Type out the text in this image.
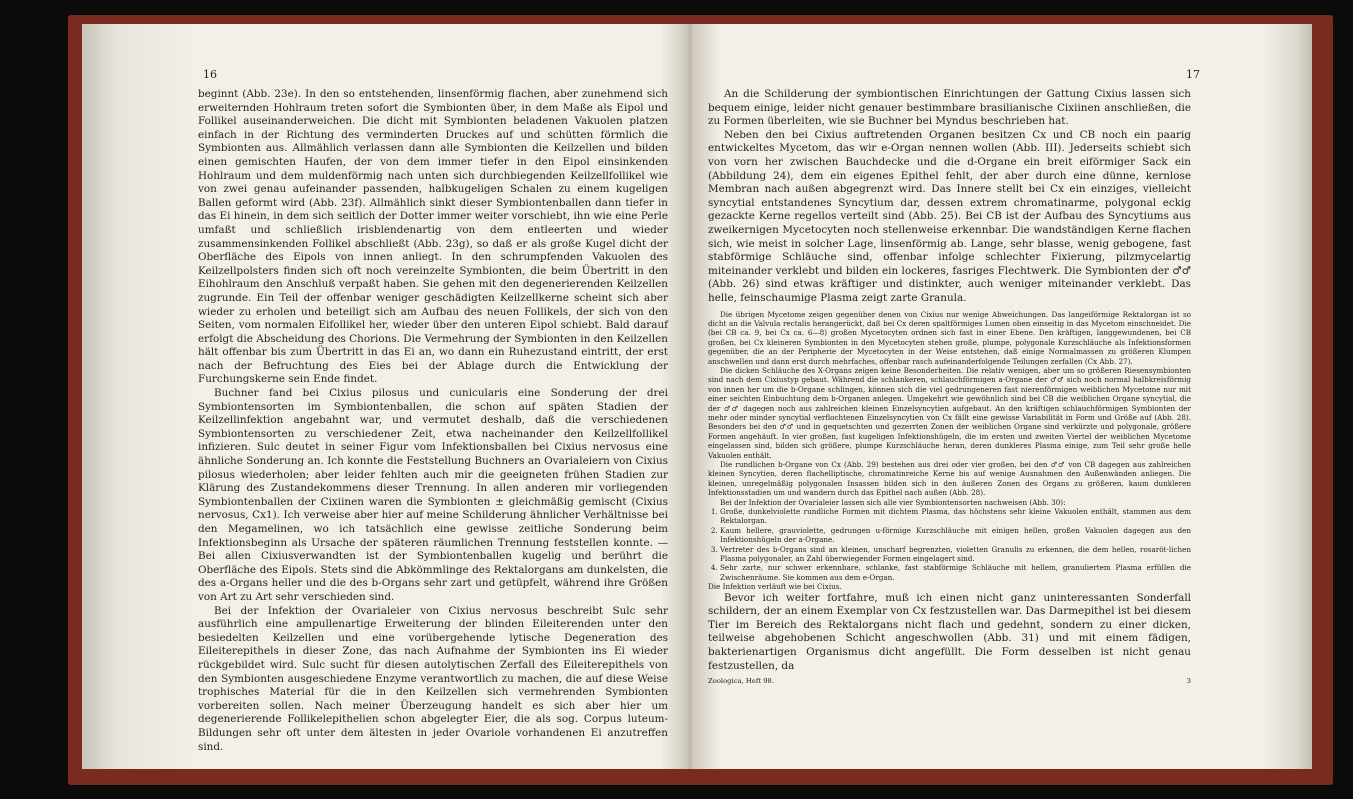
16	17

beginnt (Abb. 23e). In den so entstehenden, linsenförmig flachen, aber zunehmend sich erweiternden Hohlraum treten sofort die Symbionten über, in dem Maße als Eipol und Follikel auseinanderweichen. Die dicht mit Symbionten beladenen Vakuolen platzen einfach in der Richtung des verminderten Druckes auf und schütten förmlich die Symbionten aus. Allmählich verlassen dann alle Symbionten die Keilzellen und bilden einen gemischten Haufen, der von dem immer tiefer in den Eipol einsinkenden Hohlraum und dem muldenförmig nach unten sich durchbiegenden Keilzellfollikel wie von zwei genau aufeinander passenden, halbkugeligen Schalen zu einem kugeligen Ballen geformt wird (Abb. 23f). Allmählich sinkt dieser Symbiontenballen dann tiefer in das Ei hinein, in dem sich seitlich der Dotter immer weiter vorschiebt, ihn wie eine Perle umfaßt und schließlich irisblendenartig von dem entleerten und wieder zusammensinkenden Follikel abschließt (Abb. 23g), so daß er als große Kugel dicht der Oberfläche des Eipols von innen anliegt. In den schrumpfenden Vakuolen des Keilzellpolsters finden sich oft noch vereinzelte Symbionten, die beim Übertritt in den Eihohlraum den Anschluß verpaßt haben. Sie gehen mit den degenerierenden Keilzellen zugrunde. Ein Teil der offenbar weniger geschädigten Keilzellkerne scheint sich aber wieder zu erholen und beteiligt sich am Aufbau des neuen Follikels, der sich von den Seiten, vom normalen Eifollikel her, wieder über den unteren Eipol schiebt. Bald darauf erfolgt die Abscheidung des Chorions. Die Vermehrung der Symbionten in den Keilzellen hält offenbar bis zum Übertritt in das Ei an, wo dann ein Ruhezustand eintritt, der erst nach der Befruchtung des Eies bei der Ablage durch die Entwicklung der Furchungskerne sein Ende findet.

Buchner fand bei Cixius pilosus und cunicularis eine Sonderung der drei Symbiontensorten im Symbiontenballen, die schon auf späten Stadien der Keilzellinfektion angebahnt war, und vermutet deshalb, daß die verschiedenen Symbiontensorten zu verschiedener Zeit, etwa nacheinander den Keilzellfollikel infizieren. Sulc deutet in seiner Figur vom Infektionsballen bei Cixius nervosus eine ähnliche Sonderung an. Ich konnte die Feststellung Buchners an Ovarialeiern von Cixius pilosus wiederholen; aber leider fehlten auch mir die geeigneten frühen Stadien zur Klärung des Zustandekommens dieser Trennung. In allen anderen mir vorliegenden Symbiontenballen der Cixiinen waren die Symbionten ± gleichmäßig gemischt (Cixius nervosus, Cx1). Ich verweise aber hier auf meine Schilderung ähnlicher Verhältnisse bei den Megamelinen, wo ich tatsächlich eine gewisse zeitliche Sonderung beim Infektionsbeginn als Ursache der späteren räumlichen Trennung feststellen konnte. — Bei allen Cixiusverwandten ist der Symbiontenballen kugelig und berührt die Oberfläche des Eipols. Stets sind die Abkömmlinge des Rektalorgans am dunkelsten, die des a-Organs heller und die des b-Organs sehr zart und getüpfelt, während ihre Größen von Art zu Art sehr verschieden sind.

Bei der Infektion der Ovarialeier von Cixius nervosus beschreibt Sulc sehr ausführlich eine ampullenartige Erweiterung der blinden Eileiterenden unter den besiedelten Keilzellen und eine vorübergehende lytische Degeneration des Eileiterepithels in dieser Zone, das nach Aufnahme der Symbionten ins Ei wieder rückgebildet wird. Sulc sucht für diesen autolytischen Zerfall des Eileiterepithels von den Symbionten ausgeschiedene Enzyme verantwortlich zu machen, die auf diese Weise trophisches Material für die in den Keilzellen sich vermehrenden Symbionten vorbereiten sollen. Nach meiner Überzeugung handelt es sich aber hier um degenerierende Follikelepithelien schon abgelegter Eier, die als sog. Corpus luteum-Bildungen sehr oft unter dem ältesten in jeder Ovariole vorhandenen Ei anzutreffen sind.

An die Schilderung der symbiontischen Einrichtungen der Gattung Cixius lassen sich bequem einige, leider nicht genauer bestimmbare brasilianische Cixiinen anschließen, die zu Formen überleiten, wie sie Buchner bei Myndus beschrieben hat.

Neben den bei Cixius auftretenden Organen besitzen Cx und CB noch ein paarig entwickeltes Mycetom, das wir e-Organ nennen wollen (Abb. III). Jederseits schiebt sich von vorn her zwischen Bauchdecke und die d-Organe ein breit eiförmiger Sack ein (Abbildung 24), dem ein eigenes Epithel fehlt, der aber durch eine dünne, kernlose Membran nach außen abgegrenzt wird. Das Innere stellt bei Cx ein einziges, vielleicht syncytial entstandenes Syncytium dar, dessen extrem chromatinarme, polygonal eckig gezackte Kerne regellos verteilt sind (Abb. 25). Bei CB ist der Aufbau des Syncytiums aus zweikernigen Mycetocyten noch stellenweise erkennbar. Die wandständigen Kerne flachen sich, wie meist in solcher Lage, linsenförmig ab. Lange, sehr blasse, wenig gebogene, fast stabförmige Schläuche sind, offenbar infolge schlechter Fixierung, pilzmycelartig miteinander verklebt und bilden ein lockeres, fasriges Flechtwerk. Die Symbionten der ♂♂ (Abb. 26) sind etwas kräftiger und distinkter, auch weniger miteinander verklebt. Das helle, feinschaumige Plasma zeigt zarte Granula.

Die übrigen Mycetome zeigen gegenüber denen von Cixius nur wenige Abweichungen. Das langeiförmige Rektalorgan ist so dicht an die Valvula rectalis herangerückt, daß bei Cx deren spaltförmiges Lumen oben einseitig in das Mycetom einschneidet. Die (bei CB ca. 9, bei Cx ca. 6—8) großen Mycetocyten ordnen sich fast in einer Ebene. Den kräftigen, langgewundenen, bei CB großen, bei Cx kleineren Symbionten in den Mycetocyten stehen große, plumpe, polygonale Kurzschläuche als Infektionsformen gegenüber, die an der Peripherie der Mycetocyten in der Weise entstehen, daß einige Normalmassen zu größeren Klumpen anschwellen und dann erst durch mehrfaches, offenbar rasch aufeinanderfolgende Teilungen zerfallen (Cx Abb. 27).

Die dicken Schläuche des X-Organs zeigen keine Besonderheiten. Die relativ wenigen, aber um so größeren Riesensymbionten sind nach dem Cixiustyp gebaut. Während die schlankeren, schlauchförmigen a-Organe der ♂♂ sich noch normal halbkreisförmig von innen her um die b-Organe schlingen, können sich die viel gedrungeneren fast nierenförmigen weiblichen Mycetome nur mit einer seichten Einbuchtung dem b-Organen anlegen. Umgekehrt wie gewöhnlich sind bei CB die weiblichen Organe syncytial, die der ♂♂ dagegen noch aus zahlreichen kleinen Einzelsyncytien aufgebaut. An den kräftigen schlauchförmigen Symbionten der mehr oder minder syncytial verflochtenen Einzelsyncytien von Cx fällt eine gewisse Variabilität in Form und Größe auf (Abb. 28). Besonders bei den ♂♂ und in gequetschten und gezerrten Zonen der weiblichen Organe sind verkürzte und polygonale, größere Formen angehäuft. In vier großen, fast kugeligen Infektionshügeln, die im ersten und zweiten Viertel der weiblichen Mycetome eingelassen sind, bilden sich größere, plumpe Kurzschläuche heran, deren dunkleres Plasma einige, zum Teil sehr große helle Vakuolen enthält.

Die rundlichen b-Organe von Cx (Abb. 29) bestehen aus drei oder vier großen, bei den ♂♂ von CB dagegen aus zahlreichen kleinen Syncytien, deren flachelliptische, chromatinreiche Kerne bis auf wenige Ausnahmen den Außenwänden anliegen. Die kleinen, unregelmäßig polygonalen Insassen bilden sich in den äußeren Zonen des Organs zu größeren, kaum dunkleren Infektionsstadien um und wandern durch das Epithel nach außen (Abb. 28).

Bei der Infektion der Ovarialeier lassen sich alle vier Symbiontensorten nachweisen (Abb. 30):

1. Große, dunkelviolette rundliche Formen mit dichtem Plasma, das höchstens sehr kleine Vakuolen enthält, stammen aus dem Rektalorgan.
2. Kaum hellere, grauviolette, gedrungen u-förmige Kurzschläuche mit einigen hellen, großen Vakuolen dagegen aus den Infektionshügeln der a-Organe.
3. Vertreter des b-Organs sind an kleinen, unscharf begrenzten, violetten Granulis zu erkennen, die dem hellen, rosaröt-lichen Plasma polygonaler, an Zahl überwiegender Formen eingelagert sind.
4. Sehr zarte, nur schwer erkennbare, schlanke, fast stabförmige Schläuche mit hellem, granuliertem Plasma erfüllen die Zwischenräume. Sie kommen aus dem e-Organ.

Die Infektion verläuft wie bei Cixius.

Bevor ich weiter fortfahre, muß ich einen nicht ganz uninteressanten Sonderfall schildern, der an einem Exemplar von Cx festzustellen war. Das Darmepithel ist bei diesem Tier im Bereich des Rektalorgans nicht flach und gedehnt, sondern zu einer dicken, teilweise abgehobenen Schicht angeschwollen (Abb. 31) und mit einem fädigen, bakterienartigen Organismus dicht angefüllt. Die Form desselben ist nicht genau festzustellen, da

Zoologica, Heft 98.	3
